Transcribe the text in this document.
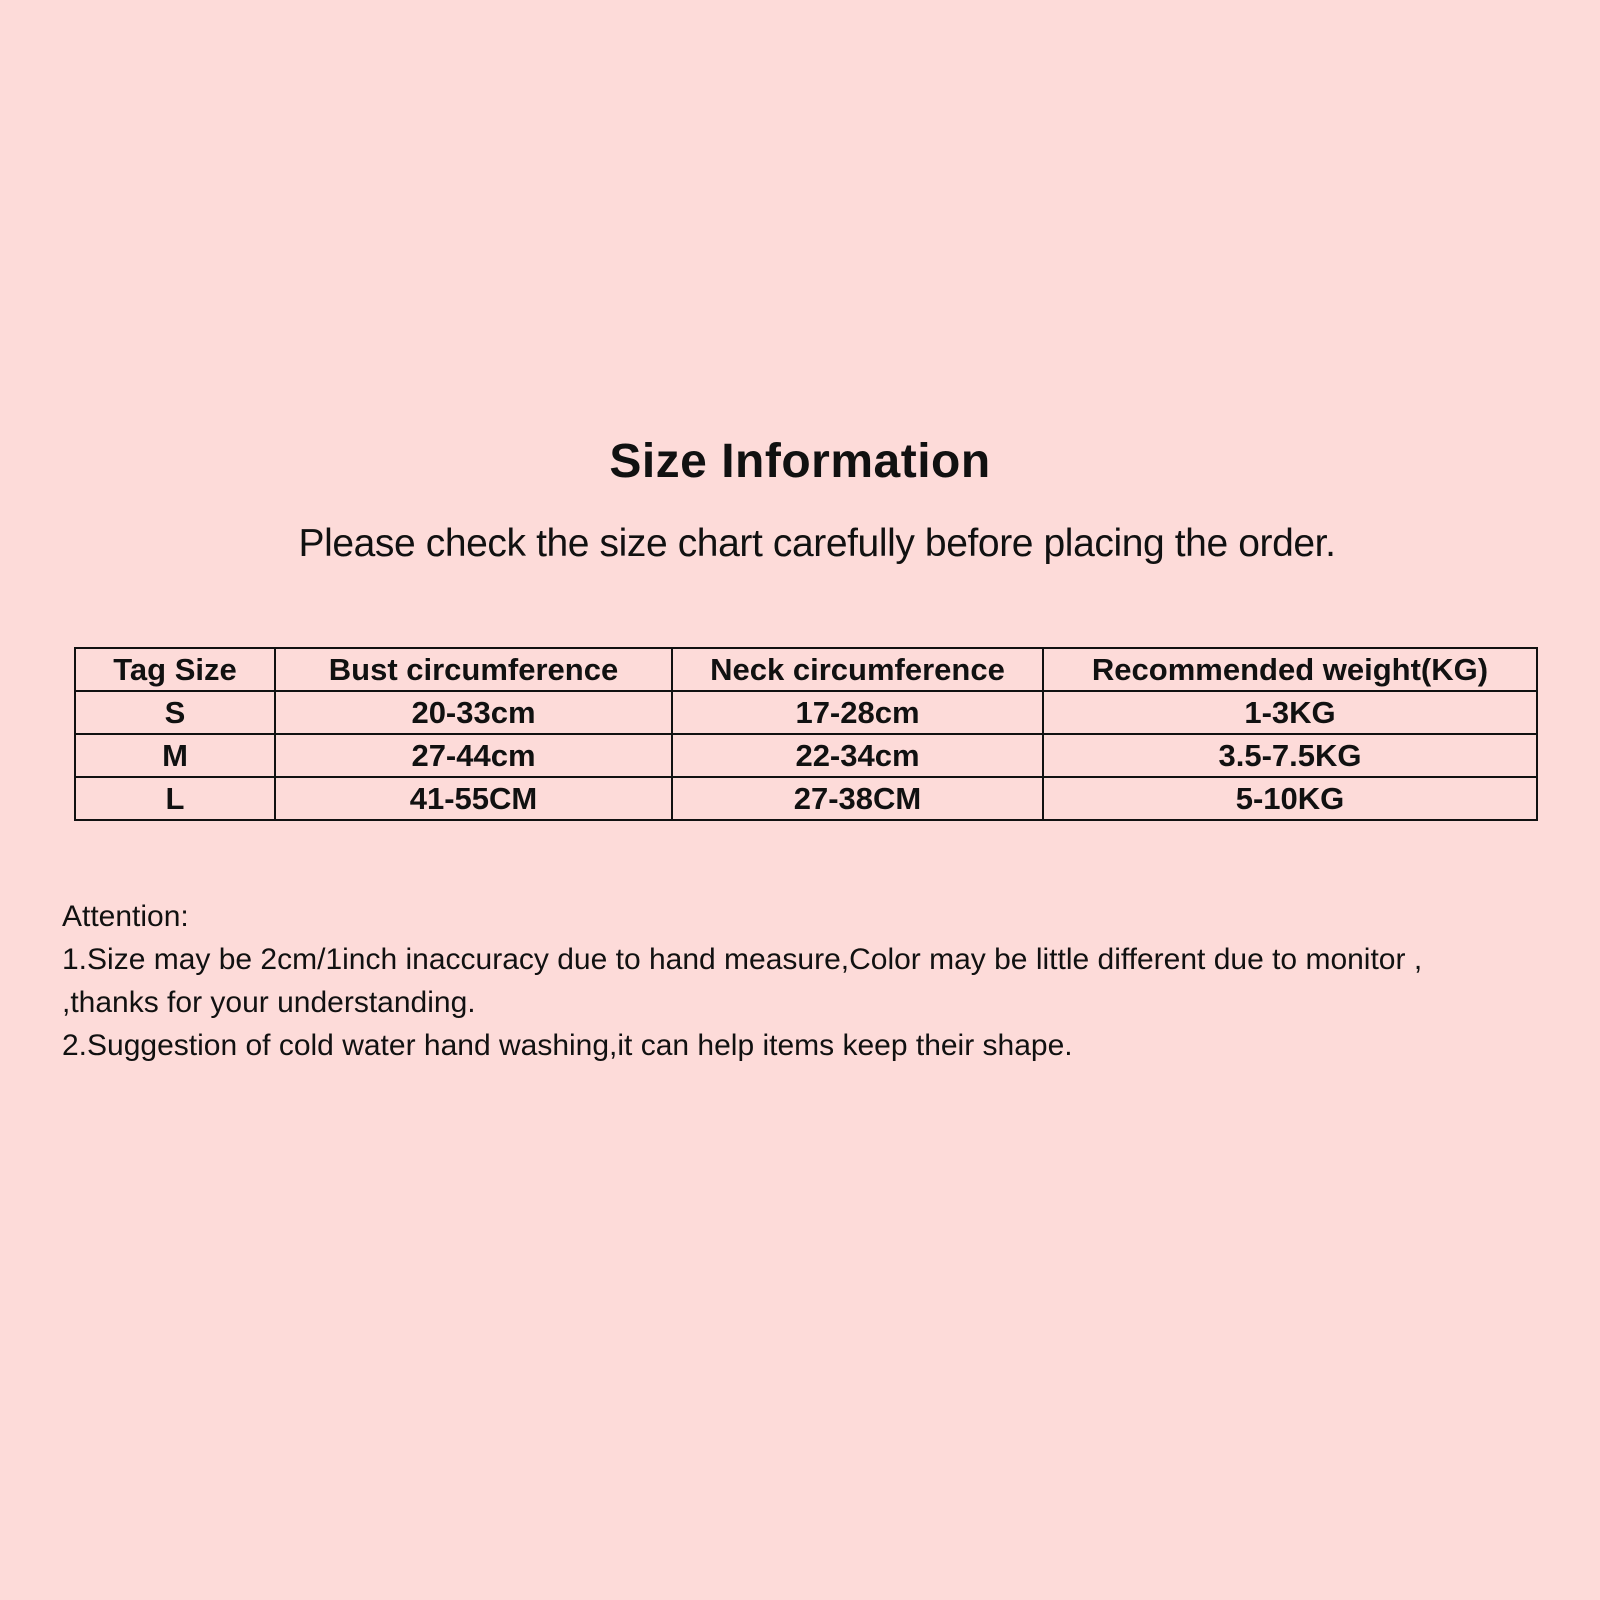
Size Information

Please check the size chart carefully before placing the order.

Tag Size	Bust circumference	Neck circumference	Recommended weight(KG)
S	20-33cm	17-28cm	1-3KG
M	27-44cm	22-34cm	3.5-7.5KG
L	41-55CM	27-38CM	5-10KG
Attention:
1.Size may be 2cm/1inch inaccuracy due to hand measure,Color may be little different due to monitor ,
,thanks for your understanding.
2.Suggestion of cold water hand washing,it can help items keep their shape.
